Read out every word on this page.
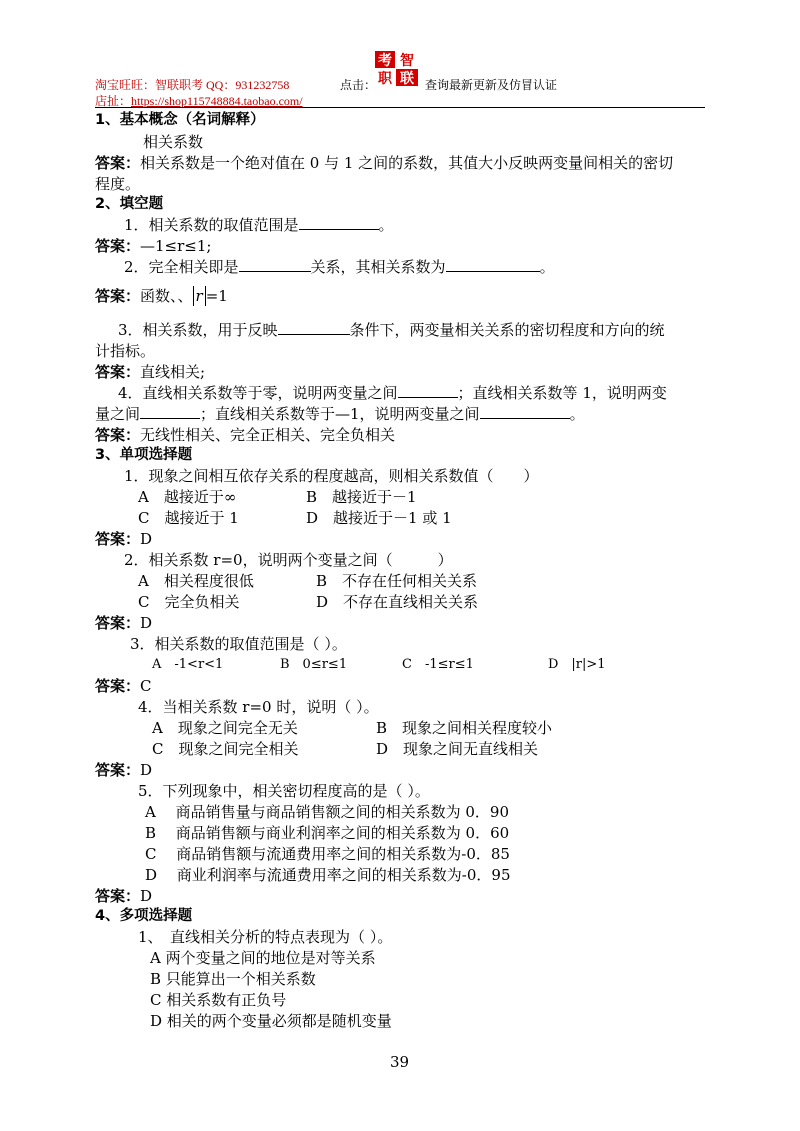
淘宝旺旺：智联职考 QQ：931232758	点击：
考 智
职 联 查询最新更新及仿冒认证
店扯：https://shop115748884.taobao.com/
1、基本概念（名词解释）
相关系数
答案：相关系数是一个绝对值在 0 与 1 之间的系数，其值大小反映两变量间相关的密切
程度。
2、填空题
1．相关系数的取值范围是	。
答案：—1≤r≤1;
2．完全相关即是	关系，其相关系数为	。
答案：函数、、 r =1
3．相关系数，用于反映	条件下，两变量相关关系的密切程度和方向的统
计指标。
答案：直线相关;
4．直线相关系数等于零，说明两变量之间	；直线相关系数等 1，说明两变
量之间	；直线相关系数等于—1，说明两变量之间	。
答案：无线性相关、完全正相关、完全负相关
3、单项选择题
1．现象之间相互依存关系的程度越高，则相关系数值（　　）
A　越接近于∞	B　越接近于－1
C　越接近于 1	D　越接近于－1 或 1
答案：D
2．相关系数 r=0，说明两个变量之间（　　　）
A　相关程度很低	B　不存在任何相关关系
C　完全负相关	D　不存在直线相关关系
答案：D
3．相关系数的取值范围是（ ）。
A　-1<r<1	B　0≤r≤1	C　-1≤r≤1	D　|r|>1
答案：C
4．当相关系数 r=0 时，说明（ ）。
A　现象之间完全无关	B　现象之间相关程度较小
C　现象之间完全相关	D　现象之间无直线相关
答案：D
5．下列现象中，相关密切程度高的是（ ）。
A　 商品销售量与商品销售额之间的相关系数为 0．90
B　 商品销售额与商业利润率之间的相关系数为 0．60
C　 商品销售额与流通费用率之间的相关系数为-0．85
D　 商业利润率与流通费用率之间的相关系数为-0．95
答案：D
4、多项选择题
1、　直线相关分析的特点表现为（ ）。
A 两个变量之间的地位是对等关系
B 只能算出一个相关系数
C 相关系数有正负号
D 相关的两个变量必须都是随机变量
39
